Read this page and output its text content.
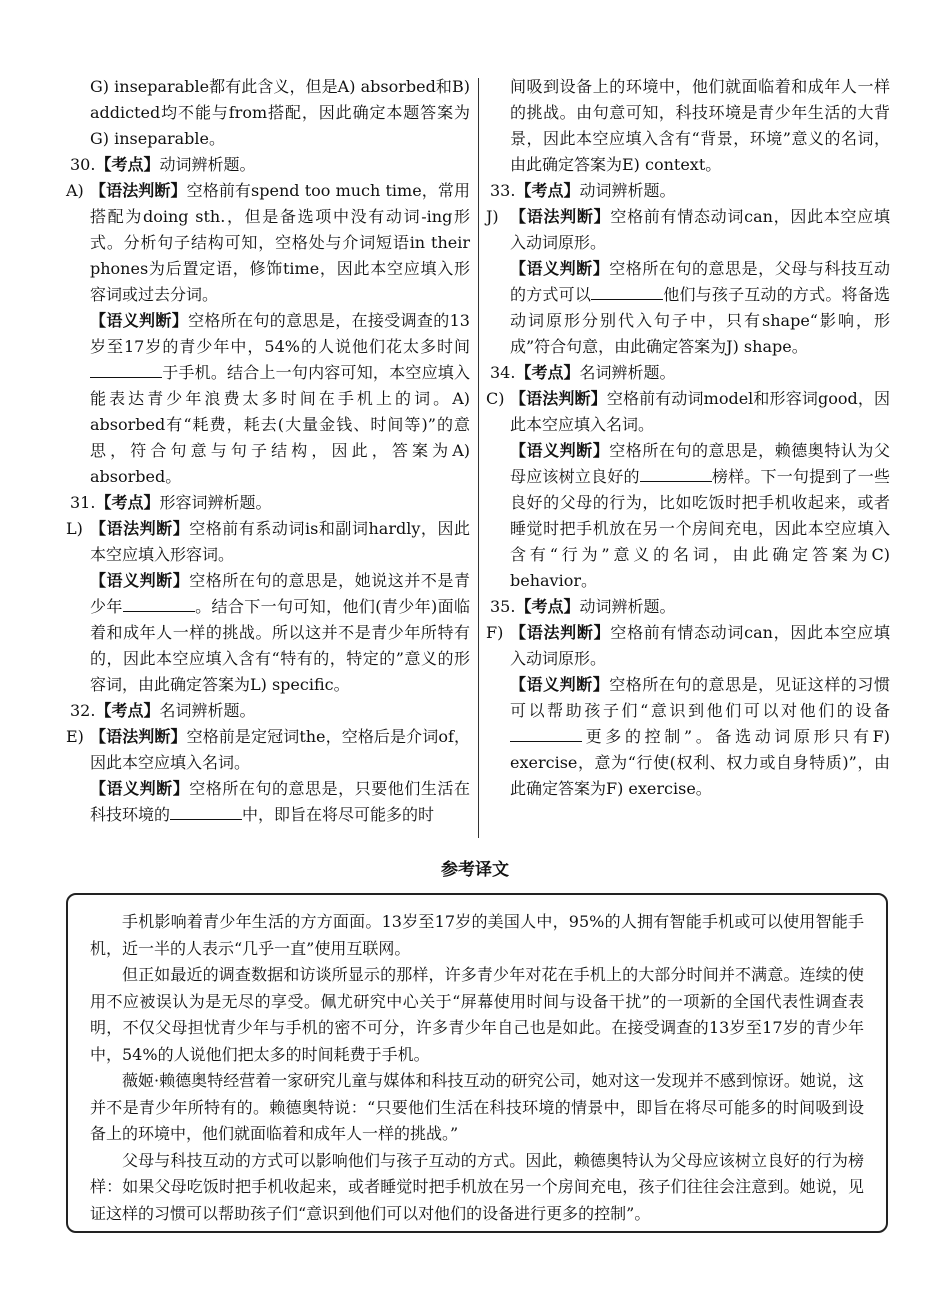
G) inseparable都有此含义，但是A) absorbed和B) addicted均不能与from搭配，因此确定本题答案为G) inseparable。

30.【考点】动词辨析题。

A) 【语法判断】空格前有spend too much time，常用搭配为doing sth.，但是备选项中没有动词-ing形式。分析句子结构可知，空格处与介词短语in their phones为后置定语，修饰time，因此本空应填入形容词或过去分词。

【语义判断】空格所在句的意思是，在接受调查的13岁至17岁的青少年中，54%的人说他们花太多时间于手机。结合上一句内容可知，本空应填入能表达青少年浪费太多时间在手机上的词。A) absorbed有“耗费，耗去(大量金钱、时间等)”的意思，符合句意与句子结构，因此，答案为A) absorbed。

31.【考点】形容词辨析题。

L) 【语法判断】空格前有系动词is和副词hardly，因此本空应填入形容词。

【语义判断】空格所在句的意思是，她说这并不是青少年	。结合下一句可知，他们(青少年)面临着和成年人一样的挑战。所以这并不是青少年所特有的，因此本空应填入含有“特有的，特定的”意义的形容词，由此确定答案为L) specific。

32.【考点】名词辨析题。

E) 【语法判断】空格前是定冠词the，空格后是介词of，因此本空应填入名词。

【语义判断】空格所在句的意思是，只要他们生活在科技环境的	中，即旨在将尽可能多的时

间吸到设备上的环境中，他们就面临着和成年人一样的挑战。由句意可知，科技环境是青少年生活的大背景，因此本空应填入含有“背景，环境”意义的名词，由此确定答案为E) context。

33.【考点】动词辨析题。

J) 【语法判断】空格前有情态动词can，因此本空应填入动词原形。

【语义判断】空格所在句的意思是，父母与科技互动的方式可以	他们与孩子互动的方式。将备选动词原形分别代入句子中，只有shape“影响，形成”符合句意，由此确定答案为J) shape。

34.【考点】名词辨析题。

C) 【语法判断】空格前有动词model和形容词good，因此本空应填入名词。

【语义判断】空格所在句的意思是，赖德奥特认为父母应该树立良好的	榜样。下一句提到了一些良好的父母的行为，比如吃饭时把手机收起来，或者睡觉时把手机放在另一个房间充电，因此本空应填入含有“行为”意义的名词，由此确定答案为C) behavior。

35.【考点】动词辨析题。

F) 【语法判断】空格前有情态动词can，因此本空应填入动词原形。

【语义判断】空格所在句的意思是，见证这样的习惯可以帮助孩子们“意识到他们可以对他们的设备更多的控制”。备选动词原形只有F) exercise，意为“行使(权利、权力或自身特质)”，由此确定答案为F) exercise。

参考译文

手机影响着青少年生活的方方面面。13岁至17岁的美国人中，95%的人拥有智能手机或可以使用智能手机，近一半的人表示“几乎一直”使用互联网。

但正如最近的调查数据和访谈所显示的那样，许多青少年对花在手机上的大部分时间并不满意。连续的使用不应被误认为是无尽的享受。佩尤研究中心关于“屏幕使用时间与设备干扰”的一项新的全国代表性调查表明，不仅父母担忧青少年与手机的密不可分，许多青少年自己也是如此。在接受调查的13岁至17岁的青少年中，54%的人说他们把太多的时间耗费于手机。

薇姬·赖德奥特经营着一家研究儿童与媒体和科技互动的研究公司，她对这一发现并不感到惊讶。她说，这并不是青少年所特有的。赖德奥特说：“只要他们生活在科技环境的情景中，即旨在将尽可能多的时间吸到设备上的环境中，他们就面临着和成年人一样的挑战。”

父母与科技互动的方式可以影响他们与孩子互动的方式。因此，赖德奥特认为父母应该树立良好的行为榜样：如果父母吃饭时把手机收起来，或者睡觉时把手机放在另一个房间充电，孩子们往往会注意到。她说，见证这样的习惯可以帮助孩子们“意识到他们可以对他们的设备进行更多的控制”。
